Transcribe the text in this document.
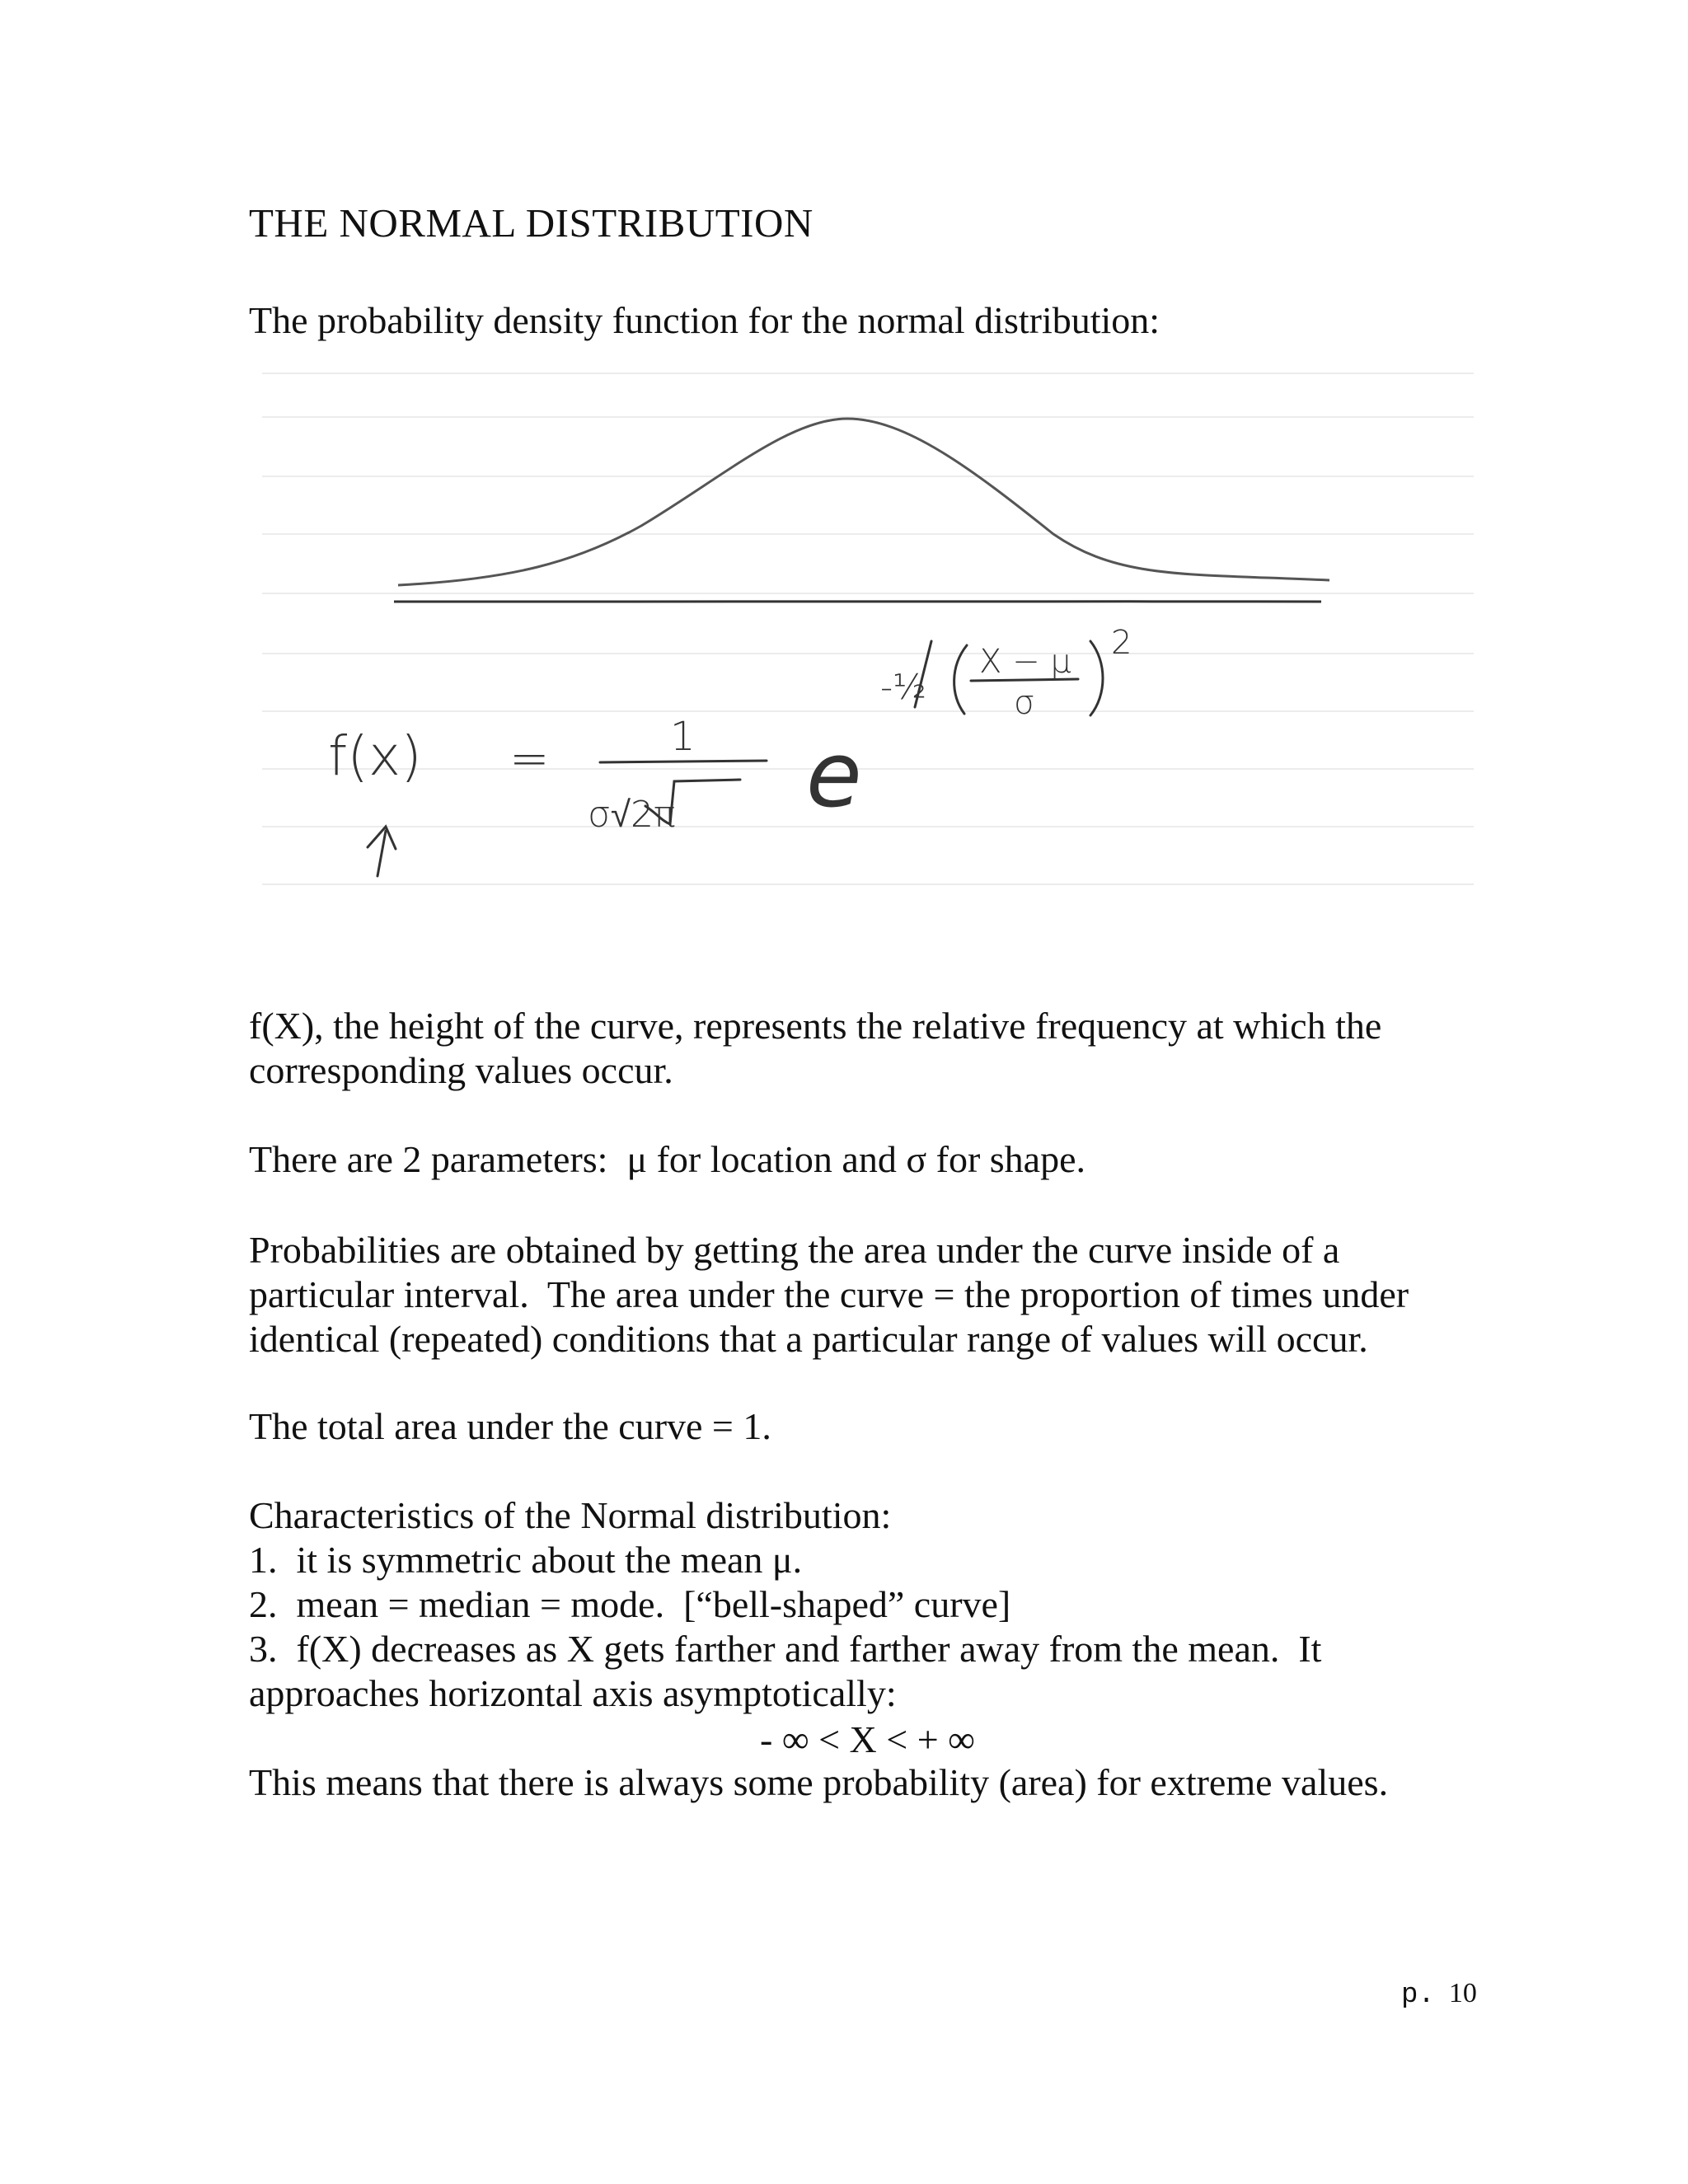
THE NORMAL DISTRIBUTION
The probability density function for the normal distribution:
f(x) =	1
σ√2π e
-½
X − μ
σ
2
f(X), the height of the curve, represents the relative frequency at which the
corresponding values occur.
There are 2 parameters:  μ for location and σ for shape.
Probabilities are obtained by getting the area under the curve inside of a
particular interval.  The area under the curve = the proportion of times under
identical (repeated) conditions that a particular range of values will occur.
The total area under the curve = 1.
Characteristics of the Normal distribution:
1.  it is symmetric about the mean μ.
2.  mean = median = mode.  [“bell-shaped” curve]
3.  f(X) decreases as X gets farther and farther away from the mean.  It
approaches horizontal axis asymptotically:
- ∞ < X < + ∞
This means that there is always some probability (area) for extreme values.
p. 10
